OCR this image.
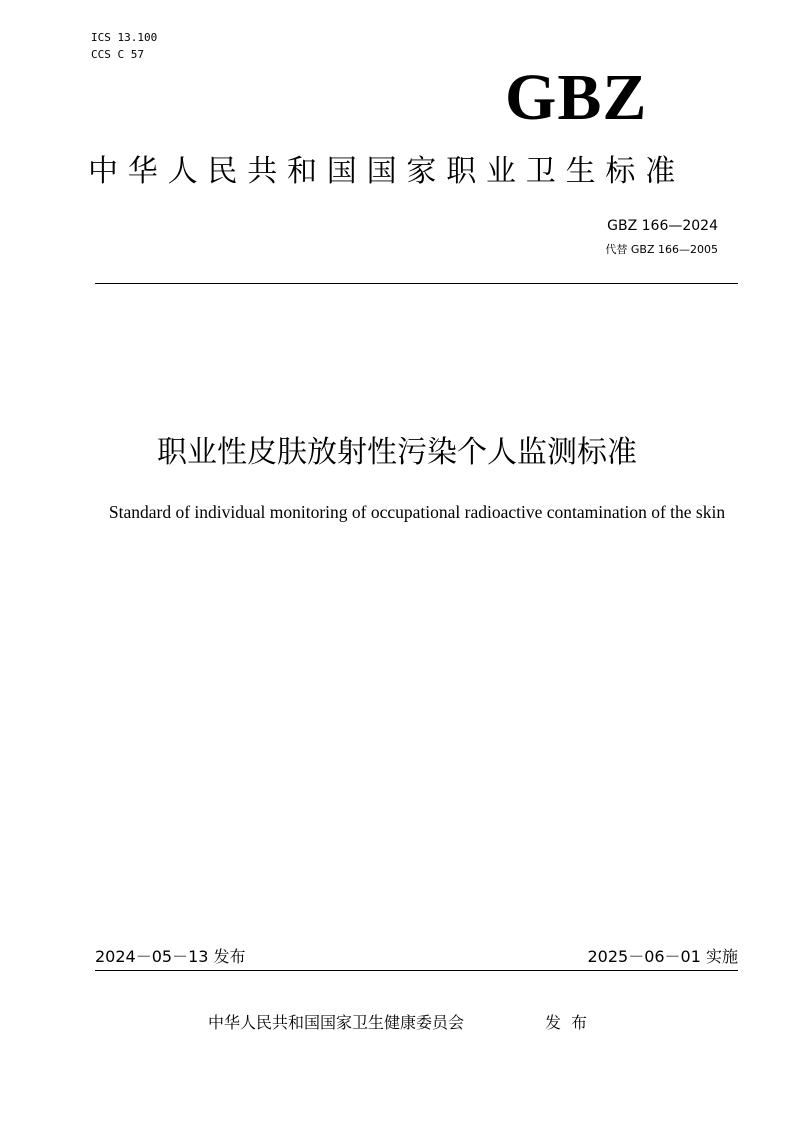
ICS 13.100
CCS C 57
GBZ
中华人民共和国国家职业卫生标准
GBZ 166—2024
代替 GBZ 166—2005
职业性皮肤放射性污染个人监测标准
Standard of individual monitoring of occupational radioactive contamination of the skin
2024－05－13 发布	2025－06－01 实施
中华人民共和国国家卫生健康委员会	发布
